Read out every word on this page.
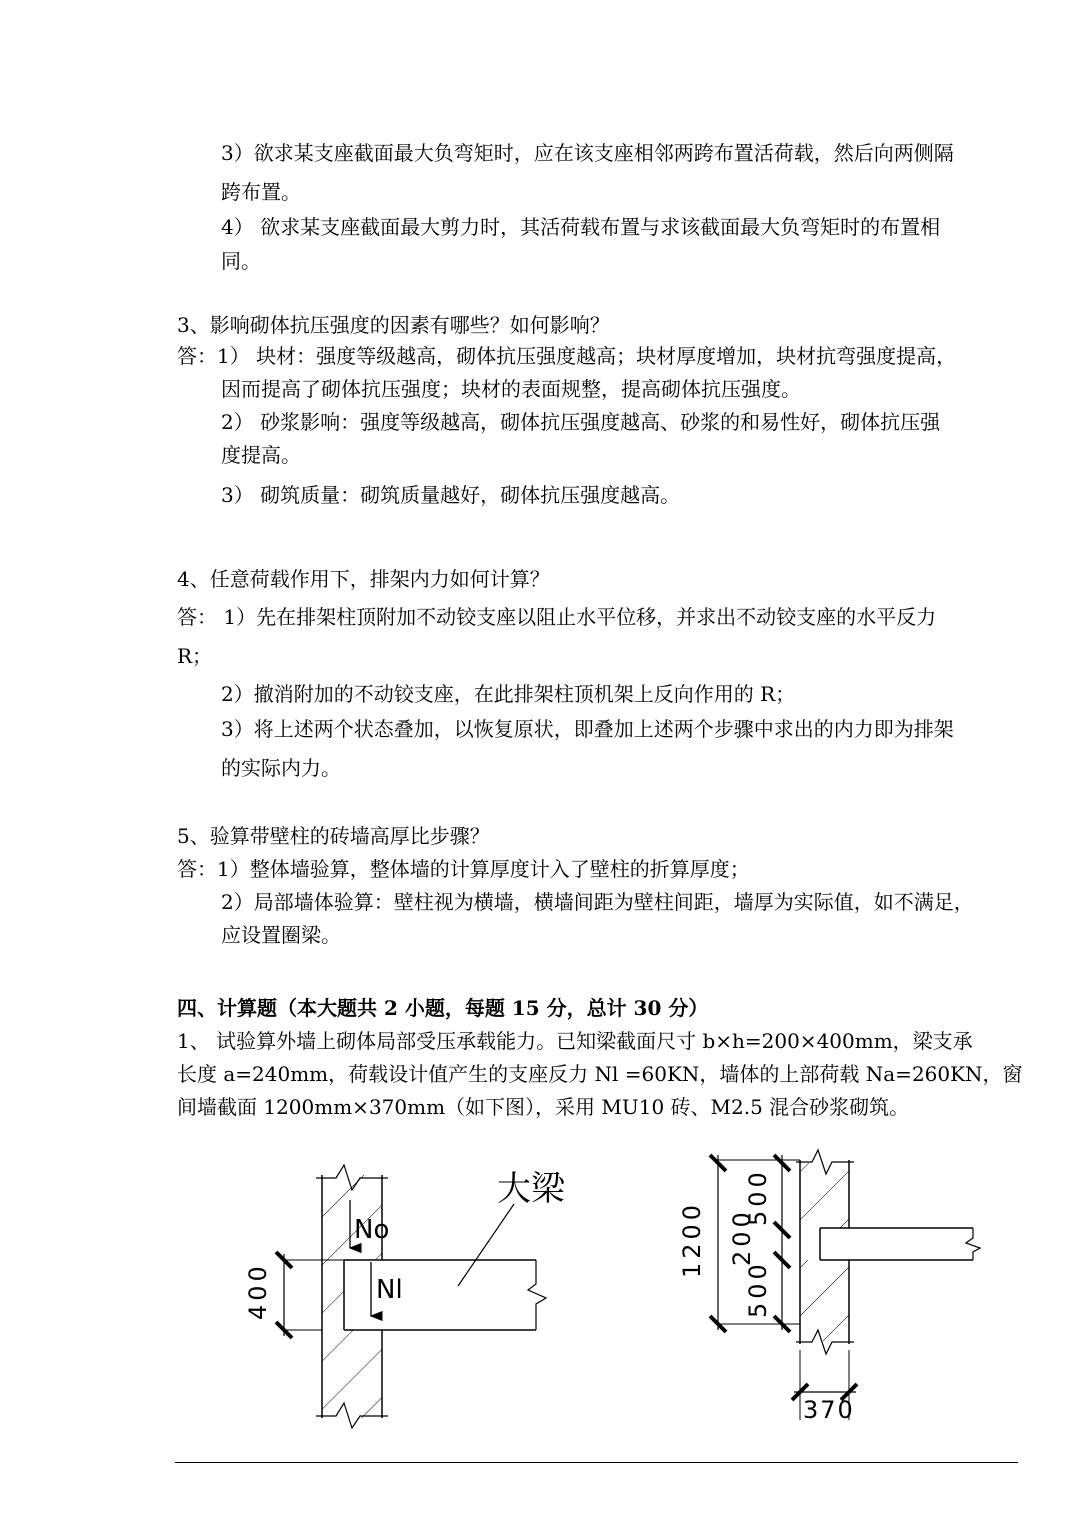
3）欲求某支座截面最大负弯矩时，应在该支座相邻两跨布置活荷载，然后向两侧隔
跨布置。
4） 欲求某支座截面最大剪力时，其活荷载布置与求该截面最大负弯矩时的布置相
同。
3、影响砌体抗压强度的因素有哪些？如何影响？
答：1） 块材：强度等级越高，砌体抗压强度越高；块材厚度增加，块材抗弯强度提高，
因而提高了砌体抗压强度；块材的表面规整，提高砌体抗压强度。
2） 砂浆影响：强度等级越高，砌体抗压强度越高、砂浆的和易性好，砌体抗压强
度提高。
3） 砌筑质量：砌筑质量越好，砌体抗压强度越高。
4、任意荷载作用下，排架内力如何计算？
答： 1）先在排架柱顶附加不动铰支座以阻止水平位移，并求出不动铰支座的水平反力
R；
2）撤消附加的不动铰支座，在此排架柱顶机架上反向作用的 R；
3）将上述两个状态叠加，以恢复原状，即叠加上述两个步骤中求出的内力即为排架
的实际内力。
5、验算带壁柱的砖墙高厚比步骤？
答：1）整体墙验算，整体墙的计算厚度计入了壁柱的折算厚度；
2）局部墙体验算：壁柱视为横墙，横墙间距为壁柱间距，墙厚为实际值，如不满足，
应设置圈梁。
四、计算题（本大题共 2 小题，每题 15 分，总计 30 分）
1、 试验算外墙上砌体局部受压承载能力。已知梁截面尺寸 b×h=200×400mm，梁支承
长度 a=240mm，荷载设计值产生的支座反力 Nl =60KN，墙体的上部荷载 Na=260KN，窗
间墙截面 1200mm×370mm（如下图），采用 MU10 砖、M2.5 混合砂浆砌筑。
大梁
No
Nl
400
1200
500
200
500
370
